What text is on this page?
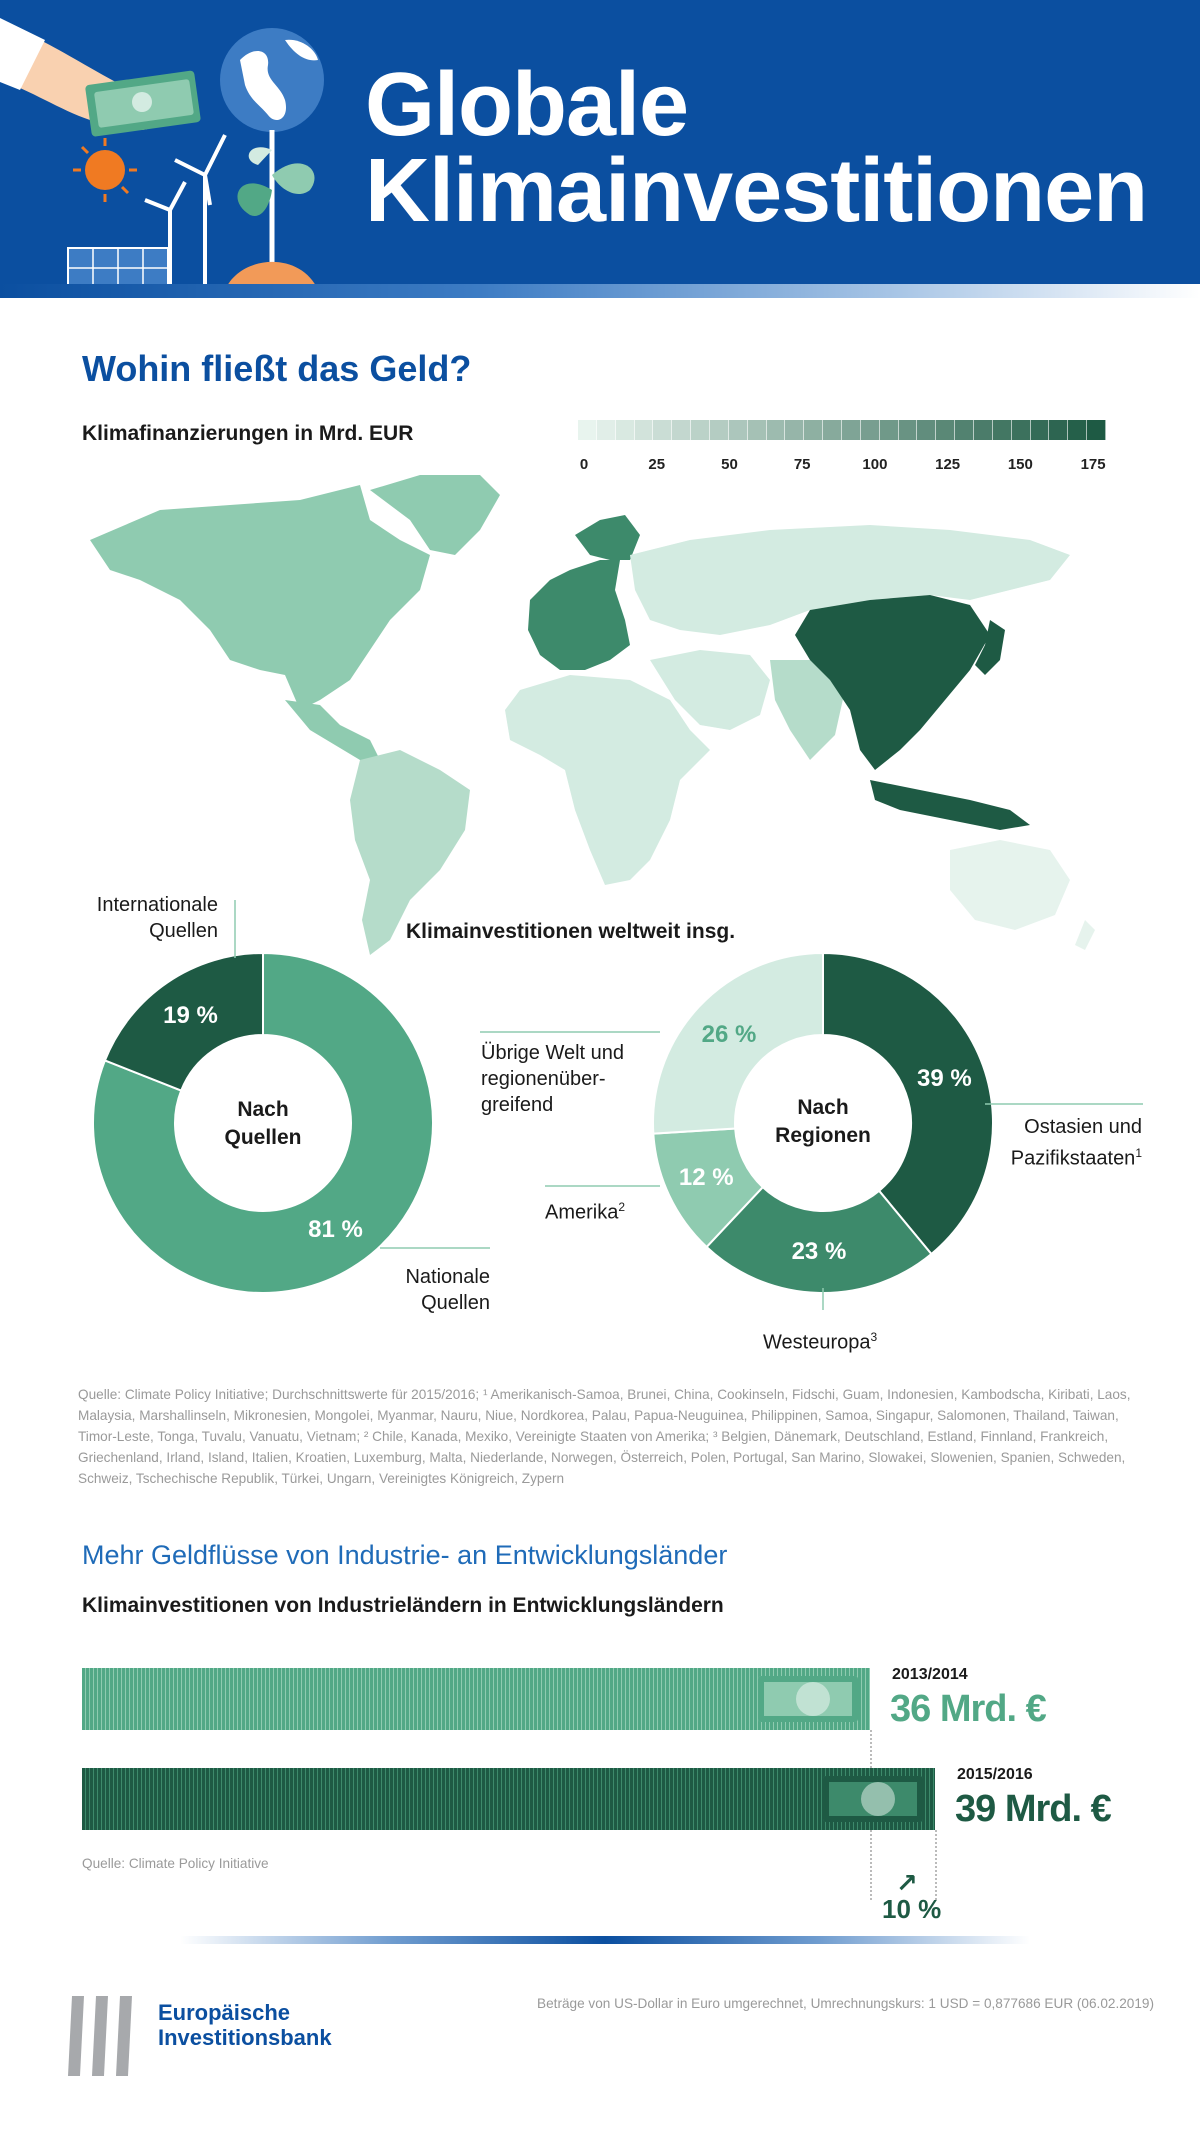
Globale
Klimainvestitionen
Wohin fließt das Geld?
Klimafinanzierungen in Mrd. EUR
0	25	50	75	100	125	150	175
Klimainvestitionen weltweit insg.
Internationale
Quellen
Nach
Quellen
Nationale
Quellen
Übrige Welt und
regionenüber-
greifend	Nach
Regionen	Ostasien und
Pazifikstaaten$^1$
Amerika$^2$
Westeuropa$^3$
81 %
19 %
39 %
23 %
12 %
26 %
Quelle: Climate Policy Initiative; Durchschnittswerte für 2015/2016; ¹ Amerikanisch-Samoa, Brunei, China, Cookinseln, Fidschi, Guam, Indonesien, Kambodscha, Kiribati, Laos, Malaysia, Marshallinseln, Mikronesien, Mongolei, Myanmar, Nauru, Niue, Nordkorea, Palau, Papua-Neuguinea, Philippinen, Samoa, Singapur, Salomonen, Thailand, Taiwan, Timor-Leste, Tonga, Tuvalu, Vanuatu, Vietnam; ² Chile, Kanada, Mexiko, Vereinigte Staaten von Amerika; ³ Belgien, Dänemark, Deutschland, Estland, Finnland, Frankreich, Griechenland, Irland, Island, Italien, Kroatien, Luxemburg, Malta, Niederlande, Norwegen, Österreich, Polen, Portugal, San Marino, Slowakei, Slowenien, Spanien, Schweden, Schweiz, Tschechische Republik, Türkei, Ungarn, Vereinigtes Königreich, Zypern
Mehr Geldflüsse von Industrie- an Entwicklungsländer
Klimainvestitionen von Industrieländern in Entwicklungsländern
2013/2014
36 Mrd. €
2015/2016
39 Mrd. €
Quelle: Climate Policy Initiative
↗
10 %
Europäische
Investitionsbank
Beträge von US-Dollar in Euro umgerechnet, Umrechnungskurs: 1 USD = 0,877686 EUR (06.02.2019)
